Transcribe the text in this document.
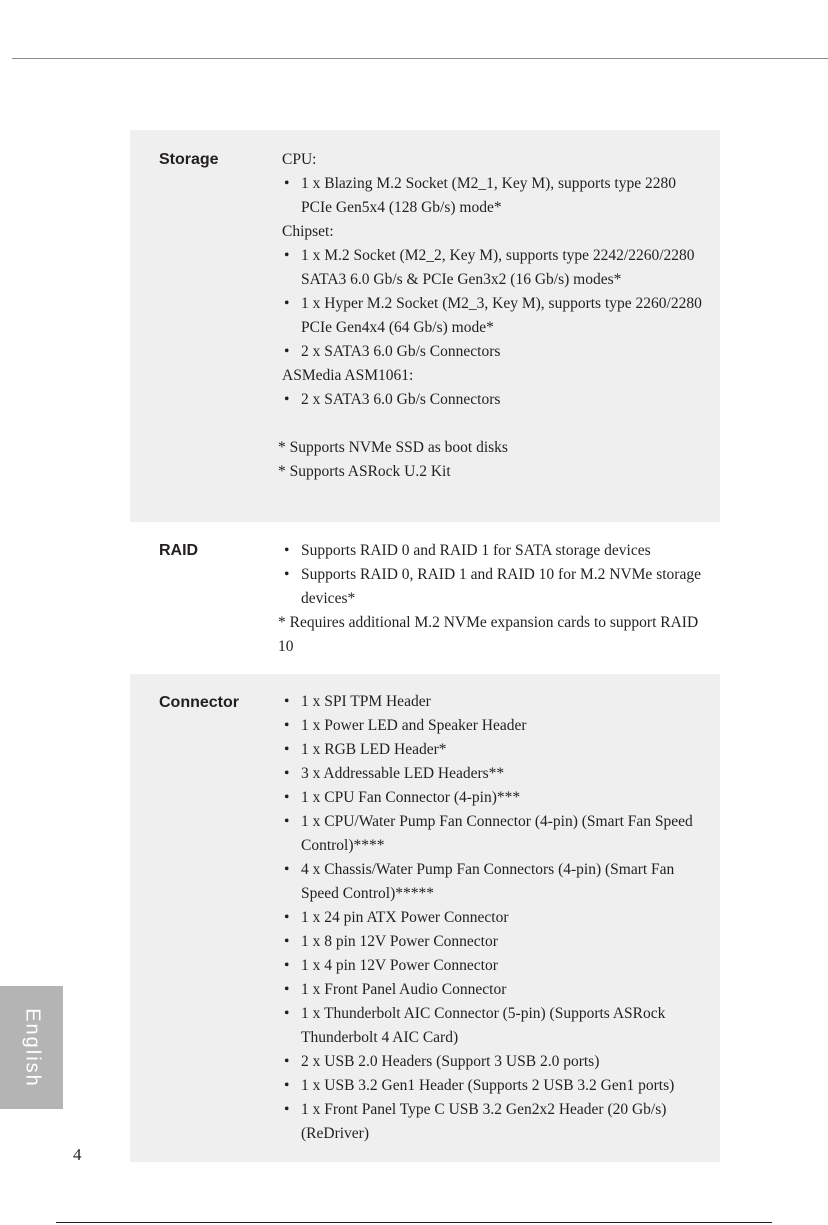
Storage	CPU:
• 1 x Blazing M.2 Socket (M2_1, Key M), supports type 2280 PCIe Gen5x4 (128 Gb/s) mode*
Chipset:
• 1 x M.2 Socket (M2_2, Key M), supports type 2242/2260/2280 SATA3 6.0 Gb/s & PCIe Gen3x2 (16 Gb/s) modes*
• 1 x Hyper M.2 Socket (M2_3, Key M), supports type 2260/2280 PCIe Gen4x4 (64 Gb/s) mode*
• 2 x SATA3 6.0 Gb/s Connectors
ASMedia ASM1061:
• 2 x SATA3 6.0 Gb/s Connectors
* Supports NVMe SSD as boot disks
* Supports ASRock U.2 Kit
RAID	• Supports RAID 0 and RAID 1 for SATA storage devices
• Supports RAID 0, RAID 1 and RAID 10 for M.2 NVMe storage devices*
* Requires additional M.2 NVMe expansion cards to support RAID 10
Connector	• 1 x SPI TPM Header
• 1 x Power LED and Speaker Header
• 1 x RGB LED Header*
• 3 x Addressable LED Headers**
• 1 x CPU Fan Connector (4-pin)***
• 1 x CPU/Water Pump Fan Connector (4-pin) (Smart Fan Speed Control)****
• 4 x Chassis/Water Pump Fan Connectors (4-pin) (Smart Fan Speed Control)*****
• 1 x 24 pin ATX Power Connector
• 1 x 8 pin 12V Power Connector
• 1 x 4 pin 12V Power Connector
• 1 x Front Panel Audio Connector
• 1 x Thunderbolt AIC Connector (5-pin) (Supports ASRock Thunderbolt 4 AIC Card)
• 2 x USB 2.0 Headers (Support 3 USB 2.0 ports)
• 1 x USB 3.2 Gen1 Header (Supports 2 USB 3.2 Gen1 ports)
• 1 x Front Panel Type C USB 3.2 Gen2x2 Header (20 Gb/s) (ReDriver)
English
4
